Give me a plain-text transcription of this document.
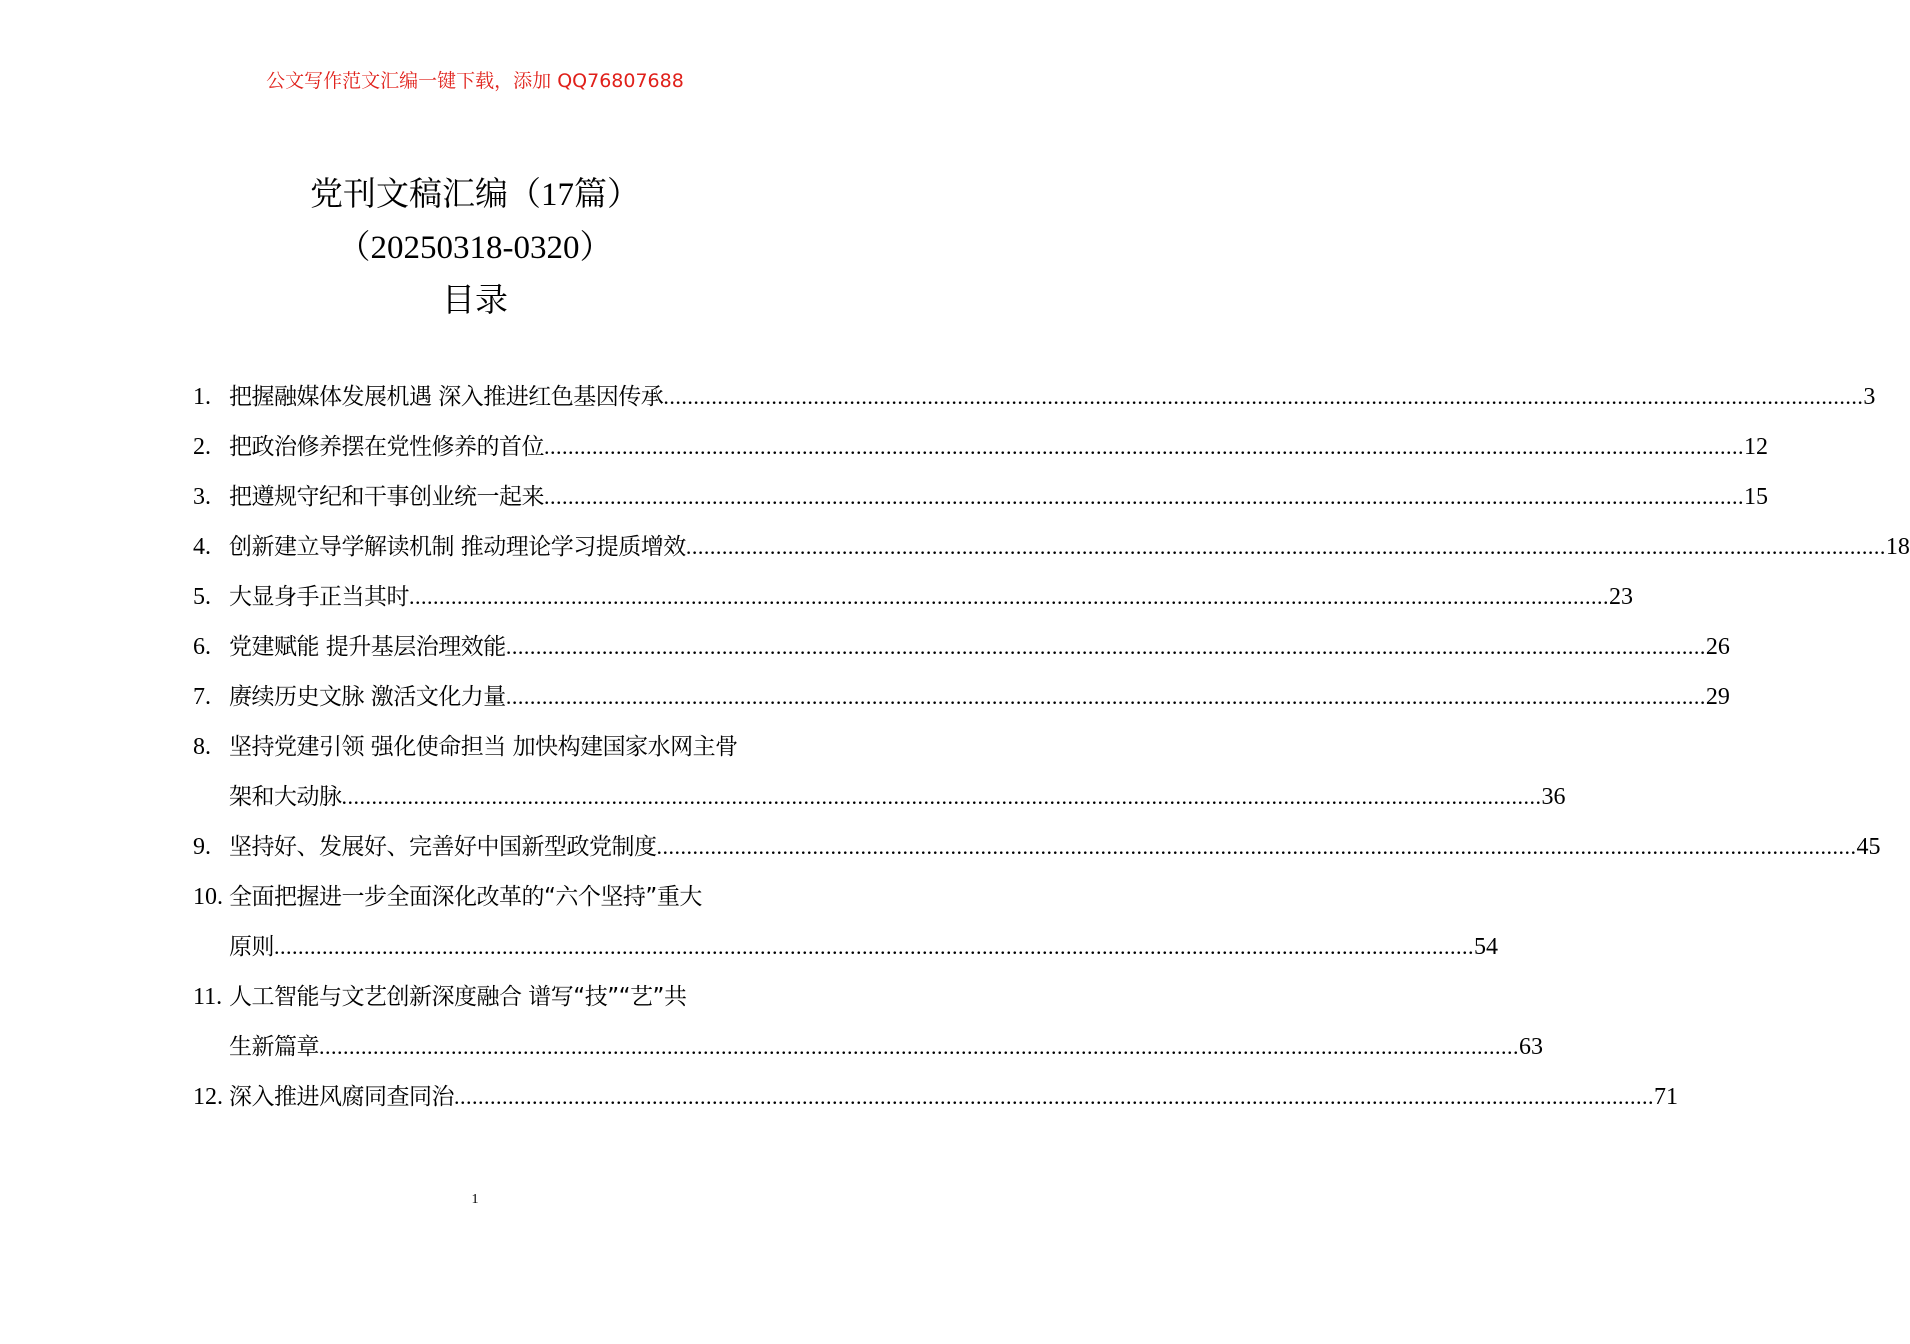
公文写作范文汇编一键下载，添加 QQ76807688
党刊文稿汇编（17篇）
（20250318-0320）
目录
1. 把握融媒体发展机遇 深入推进红色基因传承 .....	3
2. 把政治修养摆在党性修养的首位 .....	12
3. 把遵规守纪和干事创业统一起来 .....	15
4. 创新建立导学解读机制 推动理论学习提质增效 .....	18
5. 大显身手正当其时 .....	23
6. 党建赋能 提升基层治理效能 .....	26
7. 赓续历史文脉 激活文化力量 .....	29
8. 坚持党建引领 强化使命担当 加快构建国家水网主骨
架和大动脉 .....	36
9. 坚持好、发展好、完善好中国新型政党制度 .....	45
10. 全面把握进一步全面深化改革的“六个坚持”重大
原则 .....	54
11. 人工智能与文艺创新深度融合 谱写“技”“艺”共
生新篇章 .....	63
12. 深入推进风腐同查同治 .....	71
1
